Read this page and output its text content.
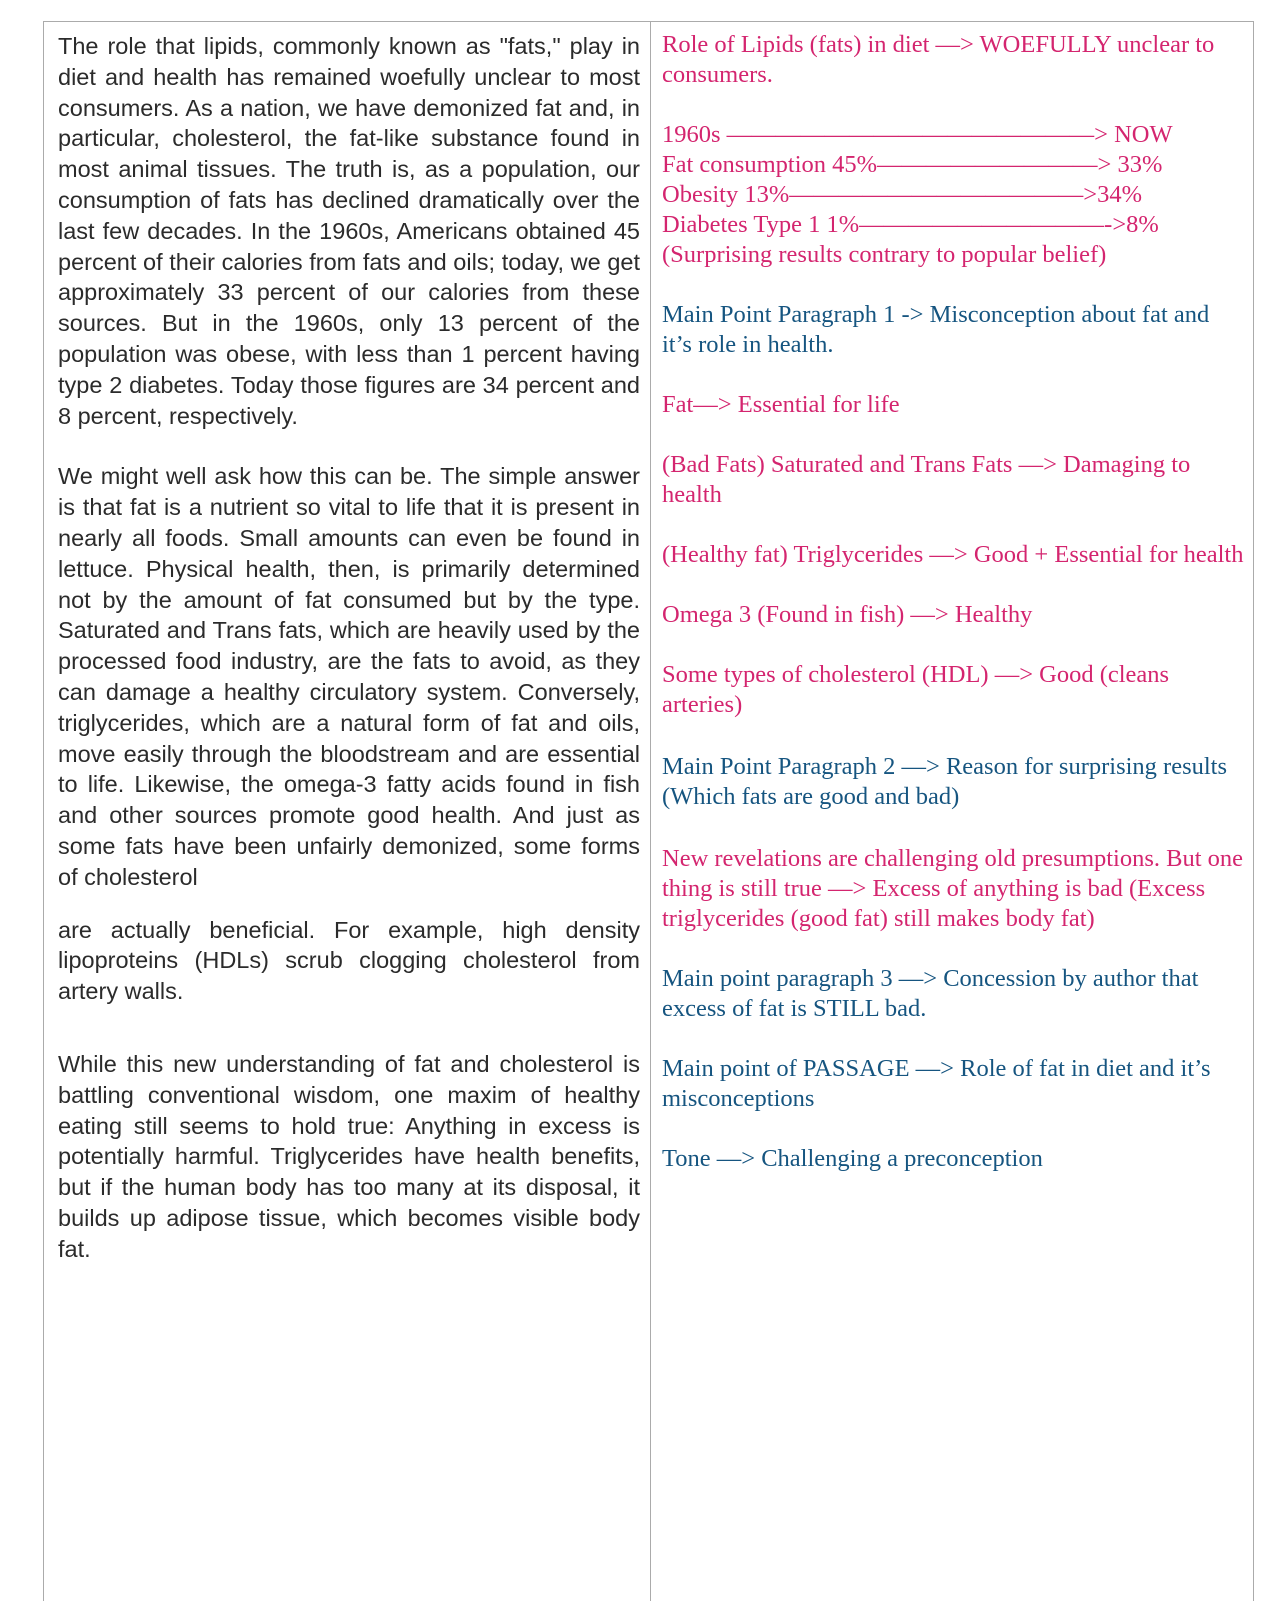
The role that lipids, commonly known as "fats," play in diet and health has remained woefully unclear to most consumers. As a nation, we have demonized fat and, in particular, cholesterol, the fat-like substance found in most animal tissues. The truth is, as a population, our consumption of fats has declined dramatically over the last few decades. In the 1960s, Americans obtained 45 percent of their calories from fats and oils; today, we get approximately 33 percent of our calories from these sources. But in the 1960s, only 13 percent of the population was obese, with less than 1 percent having type 2 diabetes. Today those figures are 34 percent and 8 percent, respectively.

We might well ask how this can be. The simple answer is that fat is a nutrient so vital to life that it is present in nearly all foods. Small amounts can even be found in lettuce. Physical health, then, is primarily determined not by the amount of fat consumed but by the type. Saturated and Trans fats, which are heavily used by the processed food industry, are the fats to avoid, as they can damage a healthy circulatory system. Conversely, triglycerides, which are a natural form of fat and oils, move easily through the bloodstream and are essential to life. Likewise, the omega-3 fatty acids found in fish and other sources promote good health. And just as some fats have been unfairly demonized, some forms of cholesterol

are actually beneficial. For example, high density lipoproteins (HDLs) scrub clogging cholesterol from artery walls.

While this new understanding of fat and cholesterol is battling conventional wisdom, one maxim of healthy eating still seems to hold true: Anything in excess is potentially harmful. Triglycerides have health benefits, but if the human body has too many at its disposal, it builds up adipose tissue, which becomes visible body fat.

Role of Lipids (fats) in diet —> WOEFULLY unclear to consumers.
1960s ———————————————> NOW
Fat consumption 45%—————————> 33%
Obesity 13%————————————>34%
Diabetes Type 1 1%——————————->8%
(Surprising results contrary to popular belief)
Main Point Paragraph 1 -> Misconception about fat and it’s role in health.
Fat—> Essential for life
(Bad Fats) Saturated and Trans Fats —> Damaging to health
(Healthy fat) Triglycerides —> Good + Essential for health
Omega 3 (Found in fish) —> Healthy
Some types of cholesterol (HDL) —> Good (cleans arteries)
Main Point Paragraph 2 —> Reason for surprising results (Which fats are good and bad)
New revelations are challenging old presumptions. But one thing is still true —> Excess of anything is bad (Excess triglycerides (good fat) still makes body fat)
Main point paragraph 3 —> Concession by author that excess of fat is STILL bad.
Main point of PASSAGE —> Role of fat in diet and it’s misconceptions
Tone —> Challenging a preconception
